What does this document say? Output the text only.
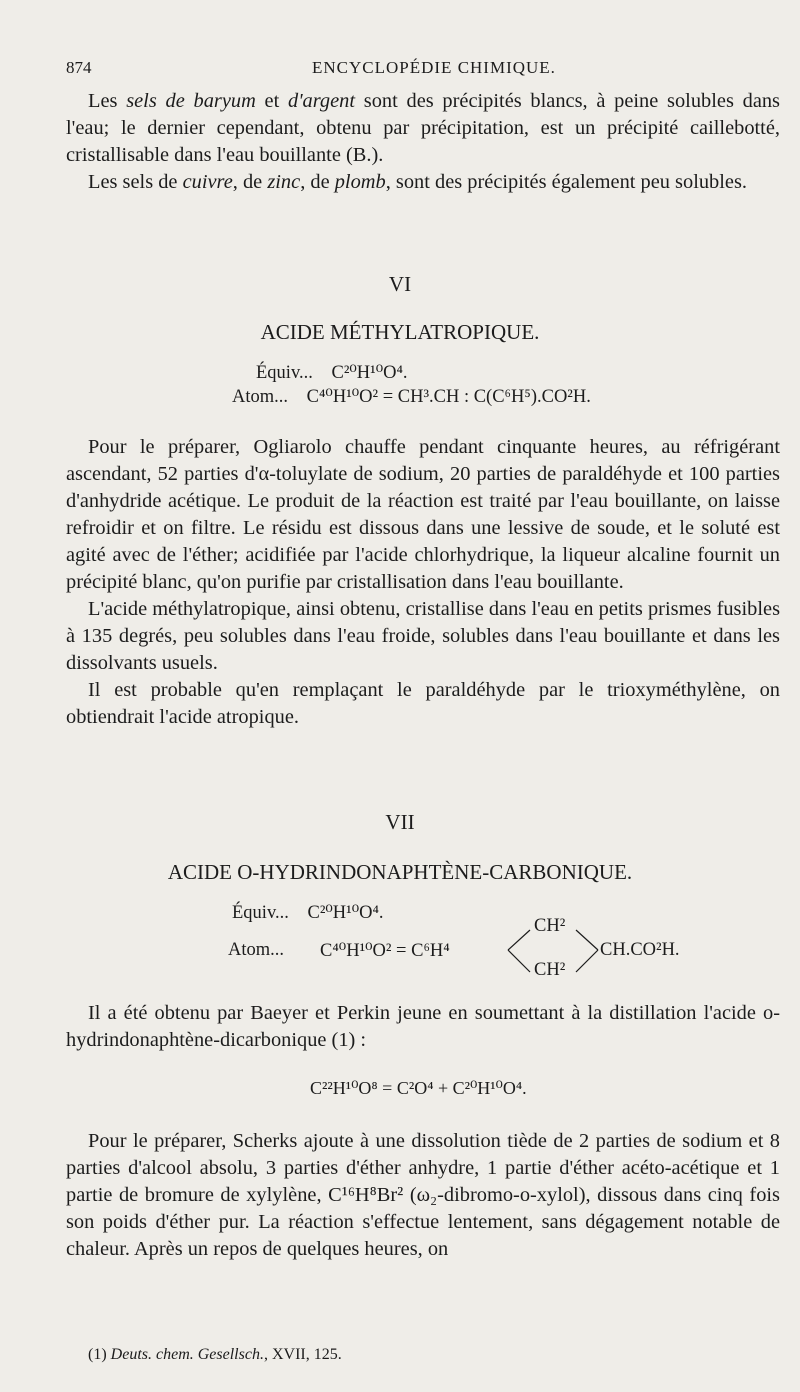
874	ENCYCLOPÉDIE CHIMIQUE.

Les sels de baryum et d'argent sont des précipités blancs, à peine solubles dans l'eau; le dernier cependant, obtenu par précipitation, est un précipité caillebotté, cristallisable dans l'eau bouillante (B.).

Les sels de cuivre, de zinc, de plomb, sont des précipités également peu solubles.

VI
ACIDE MÉTHYLATROPIQUE.
Équiv... C²⁰H¹⁰O⁴.
Atom... C⁴⁰H¹⁰O² = CH³.CH : C(C⁶H⁵).CO²H.

Pour le préparer, Ogliarolo chauffe pendant cinquante heures, au réfrigérant ascendant, 52 parties d'α-toluylate de sodium, 20 parties de paraldéhyde et 100 parties d'anhydride acétique. Le produit de la réaction est traité par l'eau bouillante, on laisse refroidir et on filtre. Le résidu est dissous dans une lessive de soude, et le soluté est agité avec de l'éther; acidifiée par l'acide chlorhydrique, la liqueur alcaline fournit un précipité blanc, qu'on purifie par cristallisation dans l'eau bouillante.

L'acide méthylatropique, ainsi obtenu, cristallise dans l'eau en petits prismes fusibles à 135 degrés, peu solubles dans l'eau froide, solubles dans l'eau bouillante et dans les dissolvants usuels.

Il est probable qu'en remplaçant le paraldéhyde par le trioxyméthylène, on obtiendrait l'acide atropique.

VII
ACIDE O-HYDRINDONAPHTÈNE-CARBONIQUE.
Équiv... C²⁰H¹⁰O⁴.
Atom... C⁴⁰H¹⁰O² = C⁶H⁴
CH²
CH²
CH.CO²H.

Il a été obtenu par Baeyer et Perkin jeune en soumettant à la distillation l'acide o-hydrindonaphtène-dicarbonique (1) :

C²²H¹⁰O⁸ = C²O⁴ + C²⁰H¹⁰O⁴.

Pour le préparer, Scherks ajoute à une dissolution tiède de 2 parties de sodium et 8 parties d'alcool absolu, 3 parties d'éther anhydre, 1 partie d'éther acéto-acétique et 1 partie de bromure de xylylène, C¹⁶H⁸Br² (ω₂-dibromo-o-xylol), dissous dans cinq fois son poids d'éther pur. La réaction s'effectue lentement, sans dégagement notable de chaleur. Après un repos de quelques heures, on

(1) Deuts. chem. Gesellsch., XVII, 125.
